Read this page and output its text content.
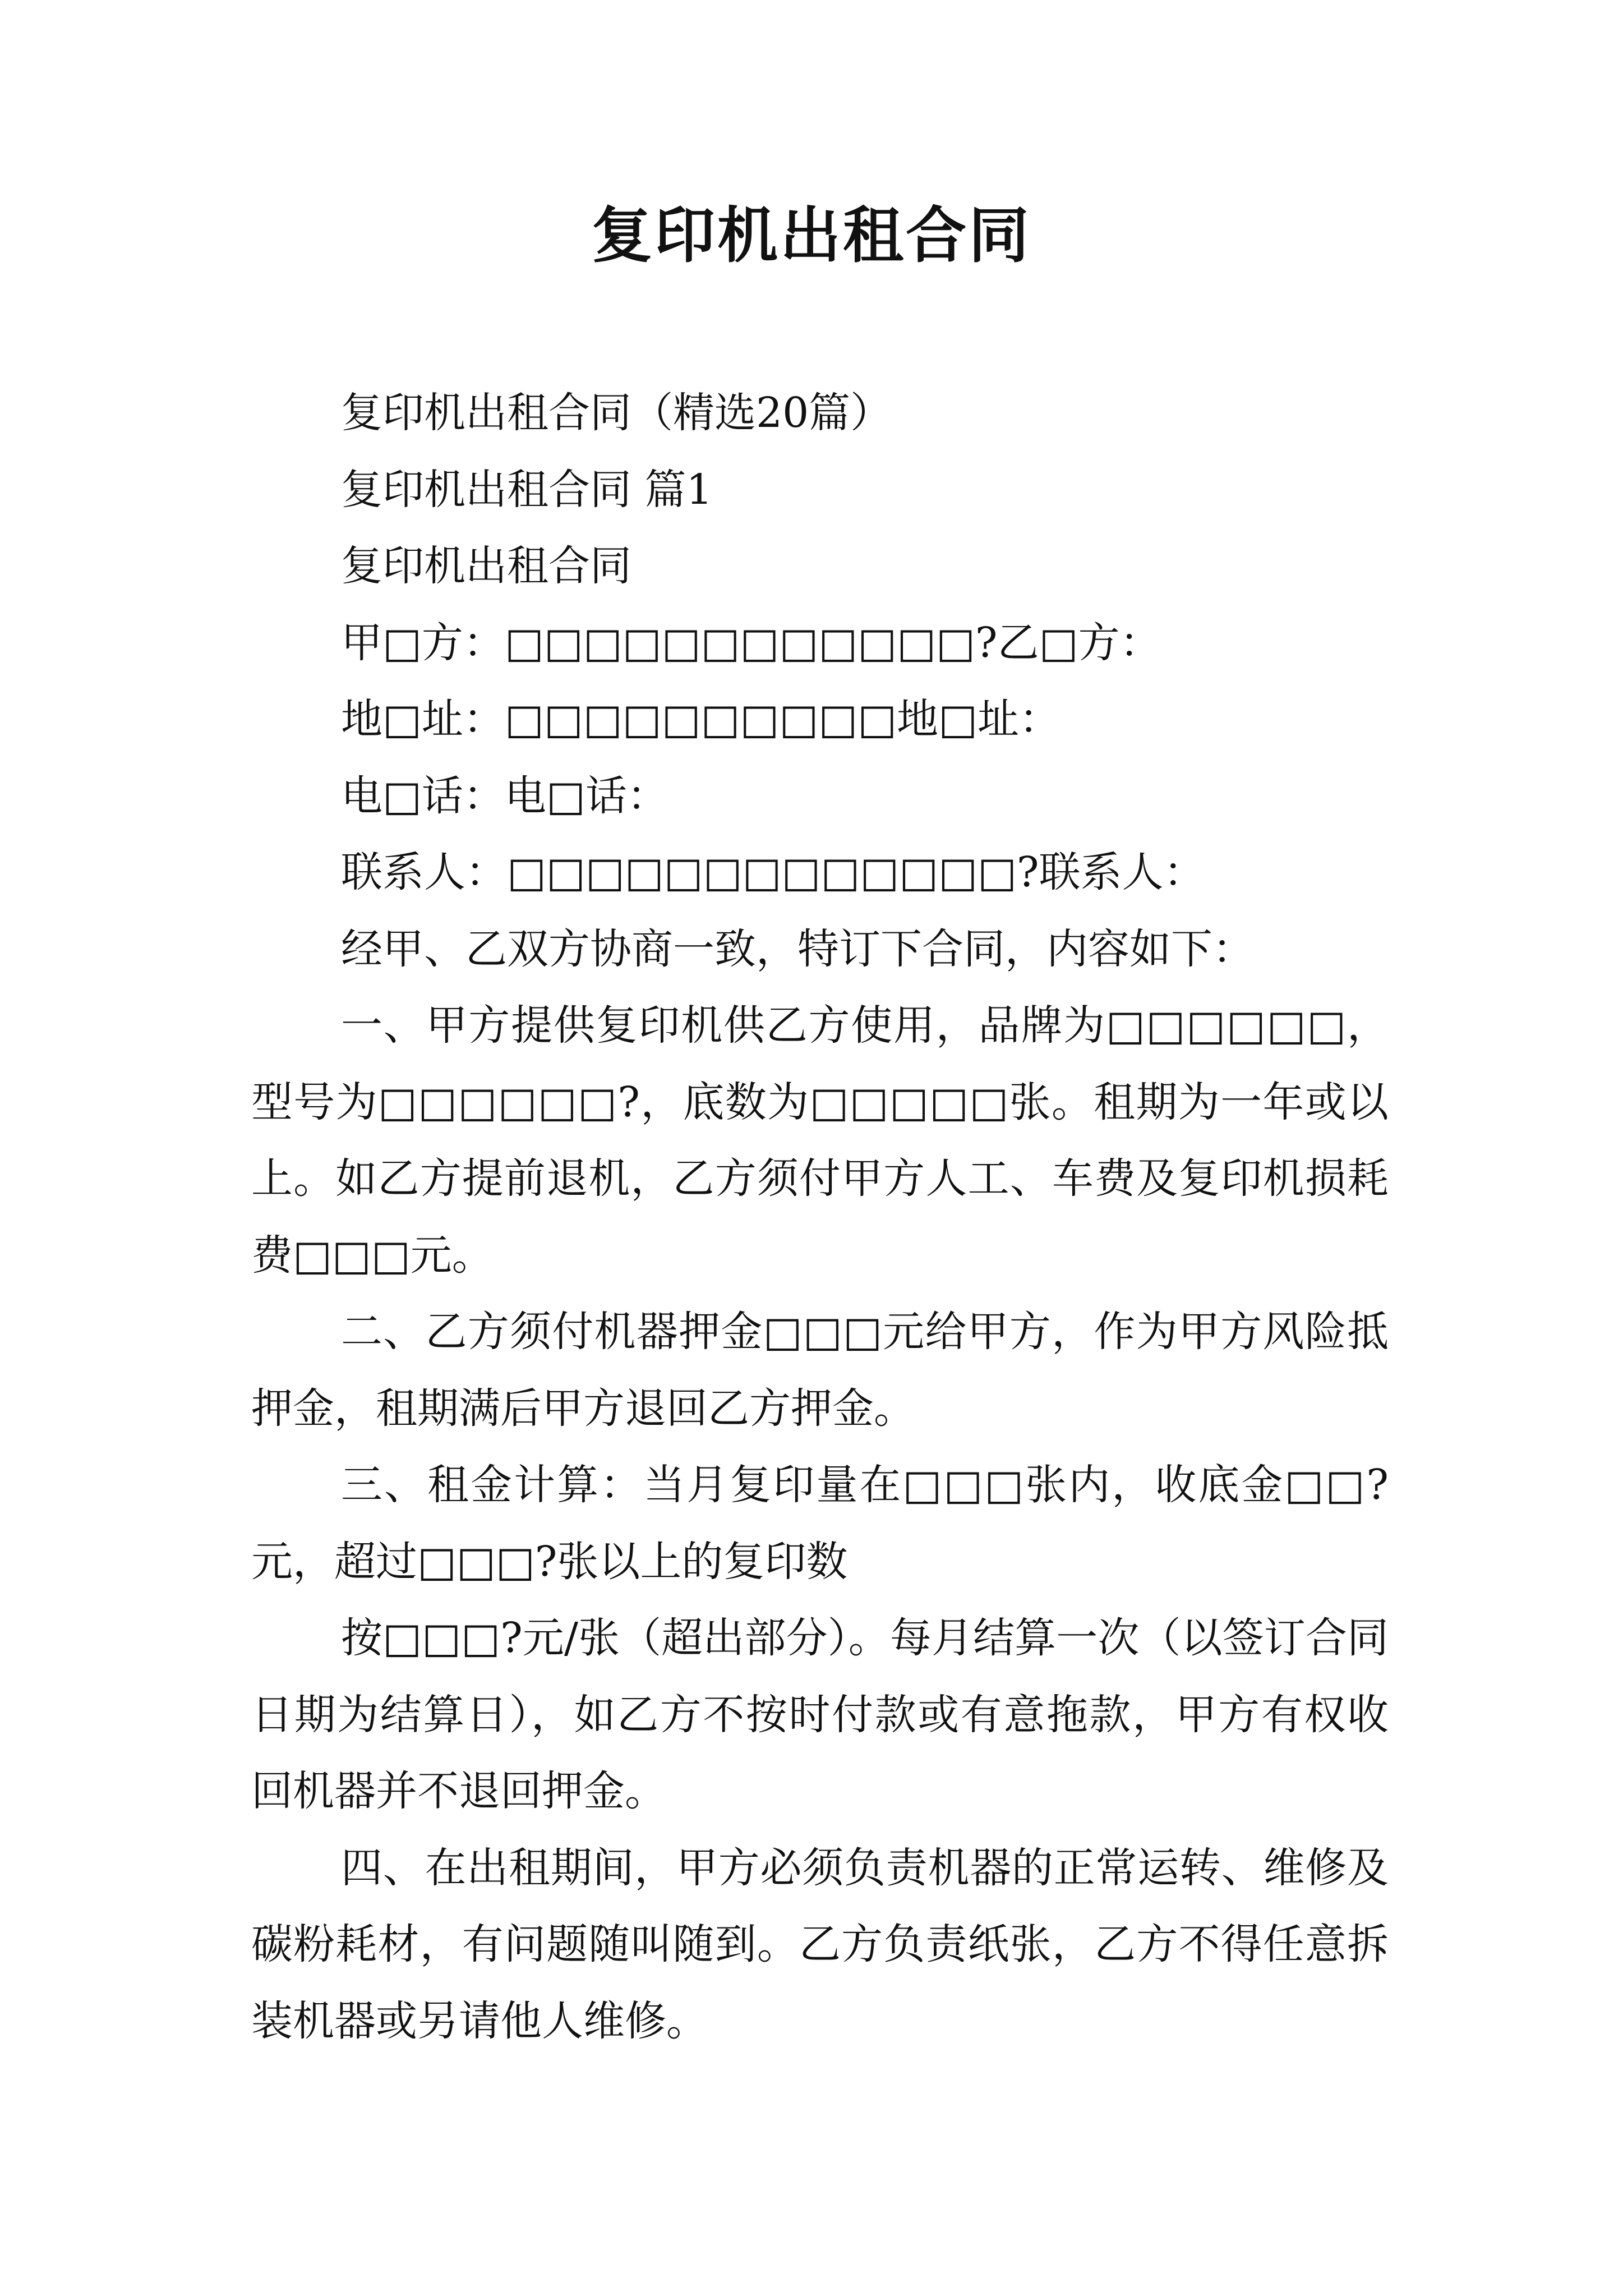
复印机出租合同

复印机出租合同（精选20篇）

复印机出租合同 篇1

复印机出租合同

甲□方：□□□□□□□□□□□□?乙□方：

地□址：□□□□□□□□□□地□址：

电□话：电□话：

联系人：□□□□□□□□□□□□□?联系人：

经甲、乙双方协商一致，特订下合同，内容如下：

一、甲方提供复印机供乙方使用，品牌为□□□□□□，型号为□□□□□□?，底数为□□□□□张。租期为一年或以上。如乙方提前退机，乙方须付甲方人工、车费及复印机损耗费□□□元。

二、乙方须付机器押金□□□元给甲方，作为甲方风险抵押金，租期满后甲方退回乙方押金。

三、租金计算：当月复印量在□□□张内，收底金□□?元，超过□□□?张以上的复印数

按□□□?元/张（超出部分）。每月结算一次（以签订合同日期为结算日），如乙方不按时付款或有意拖款，甲方有权收回机器并不退回押金。

四、在出租期间，甲方必须负责机器的正常运转、维修及碳粉耗材，有问题随叫随到。乙方负责纸张，乙方不得任意拆装机器或另请他人维修。
